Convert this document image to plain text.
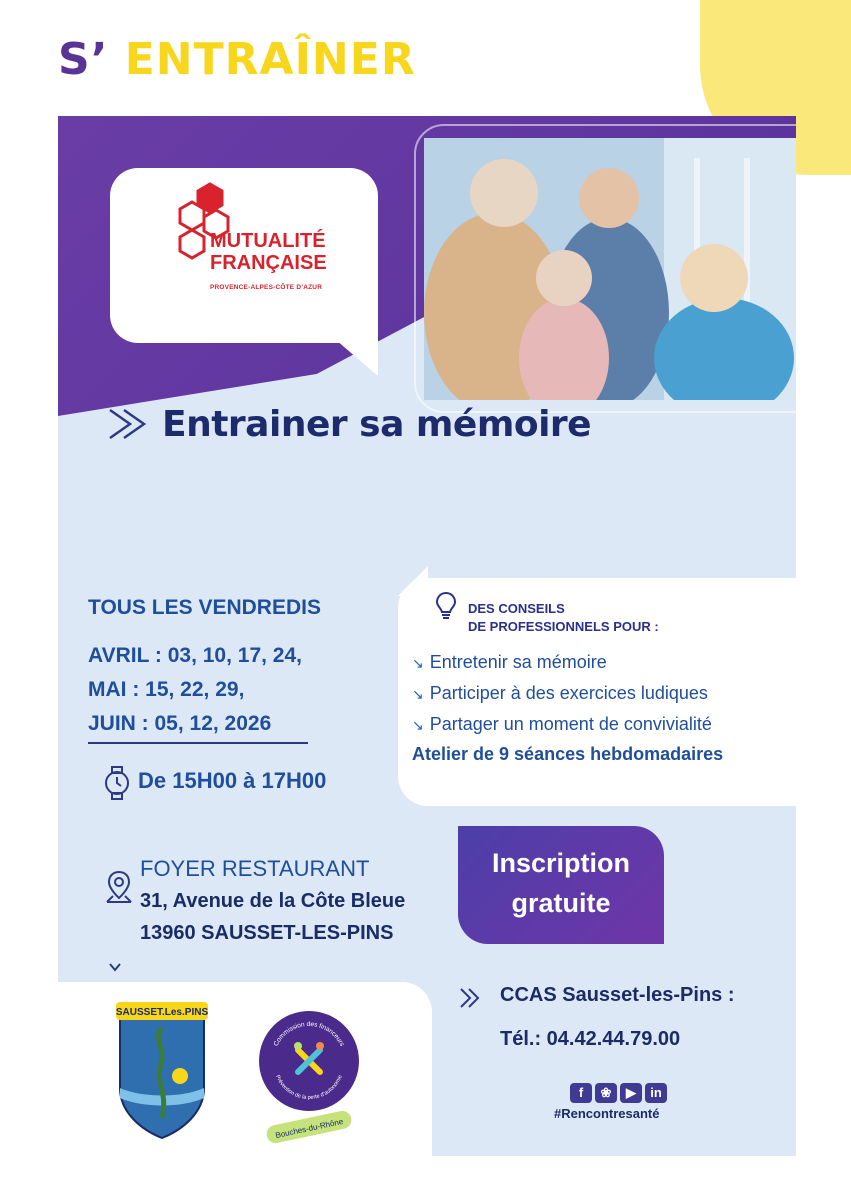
S’ ENTRAÎNER
MUTUALITÉ
FRANÇAISE
PROVENCE-ALPES-CÔTE D’AZUR
Entrainer sa mémoire
TOUS LES VENDREDIS
AVRIL : 03, 10, 17, 24,
MAI : 15, 22, 29,
JUIN : 05, 12, 2026
De 15H00 à 17H00
DES CONSEILS
DE PROFESSIONNELS POUR :
↘ Entretenir sa mémoire
↘ Participer à des exercices ludiques
↘ Partager un moment de convivialité
Atelier de 9 séances hebdomadaires
Inscription
gratuite
FOYER RESTAURANT
31, Avenue de la Côte Bleue
13960 SAUSSET-LES-PINS
SAUSSET.Les.PINS
Commission des financeurs
Prévention de la perte d’autonomie
Bouches-du-Rhône
CCAS Sausset-les-Pins :
Tél.: 04.42.44.79.00
f ❀ ▶ in
#Rencontresanté
